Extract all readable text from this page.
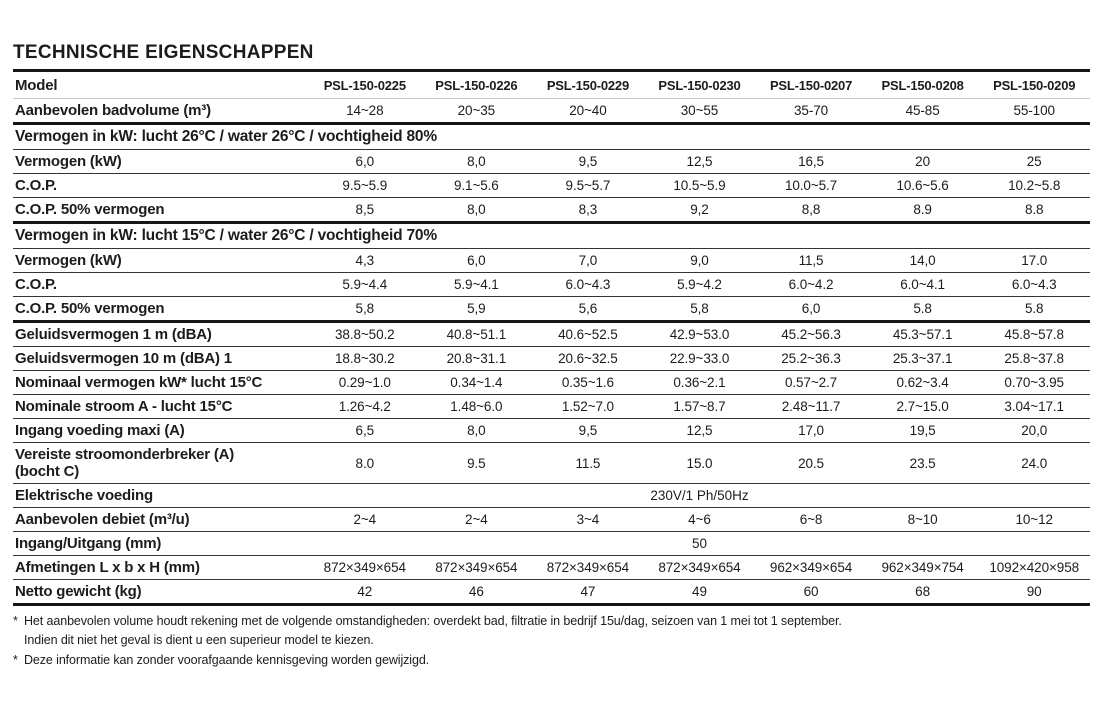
TECHNISCHE EIGENSCHAPPEN
Model	PSL-150-0225	PSL-150-0226	PSL-150-0229	PSL-150-0230	PSL-150-0207	PSL-150-0208	PSL-150-0209

Aanbevolen badvolume (m³)	14~28	20~35	20~40	30~55	35-70	45-85	55-100
Vermogen in kW: lucht 26°C / water 26°C / vochtigheid 80%							

Vermogen (kW)	6,0	8,0	9,5	12,5	16,5	20	25

C.O.P.	9.5~5.9	9.1~5.6	9.5~5.7	10.5~5.9	10.0~5.7	10.6~5.6	10.2~5.8

C.O.P. 50% vermogen	8,5	8,0	8,3	9,2	8,8	8.9	8.8
Vermogen in kW: lucht 15°C / water 26°C / vochtigheid 70%							

Vermogen (kW)	4,3	6,0	7,0	9,0	11,5	14,0	17.0

C.O.P.	5.9~4.4	5.9~4.1	6.0~4.3	5.9~4.2	6.0~4.2	6.0~4.1	6.0~4.3

C.O.P. 50% vermogen	5,8	5,9	5,6	5,8	6,0	5.8	5.8

Geluidsvermogen 1 m (dBA)	38.8~50.2	40.8~51.1	40.6~52.5	42.9~53.0	45.2~56.3	45.3~57.1	45.8~57.8

Geluidsvermogen 10 m (dBA) 1	18.8~30.2	20.8~31.1	20.6~32.5	22.9~33.0	25.2~36.3	25.3~37.1	25.8~37.8

Nominaal vermogen kW* lucht 15°C	0.29~1.0	0.34~1.4	0.35~1.6	0.36~2.1	0.57~2.7	0.62~3.4	0.70~3.95

Nominale stroom A - lucht 15°C	1.26~4.2	1.48~6.0	1.52~7.0	1.57~8.7	2.48~11.7	2.7~15.0	3.04~17.1

Ingang voeding maxi (A)	6,5	8,0	9,5	12,5	17,0	19,5	20,0

Vereiste stroomonderbreker (A)
(bocht C)	8.0	9.5	11.5	15.0	20.5	23.5	24.0
Elektrische voeding	230V/1 Ph/50Hz						

Aanbevolen debiet (m³/u)	2~4	2~4	3~4	4~6	6~8	8~10	10~12
Ingang/Uitgang (mm)	50						

Afmetingen L x b x H (mm)	872×349×654	872×349×654	872×349×654	872×349×654	962×349×654	962×349×754	1092×420×958

Netto gewicht (kg)	42	46	47	49	60	68	90
* Het aanbevolen volume houdt rekening met de volgende omstandigheden: overdekt bad, filtratie in bedrijf 15u/dag, seizoen van 1 mei tot 1 september.
Indien dit niet het geval is dient u een superieur model te kiezen.
* Deze informatie kan zonder voorafgaande kennisgeving worden gewijzigd.
